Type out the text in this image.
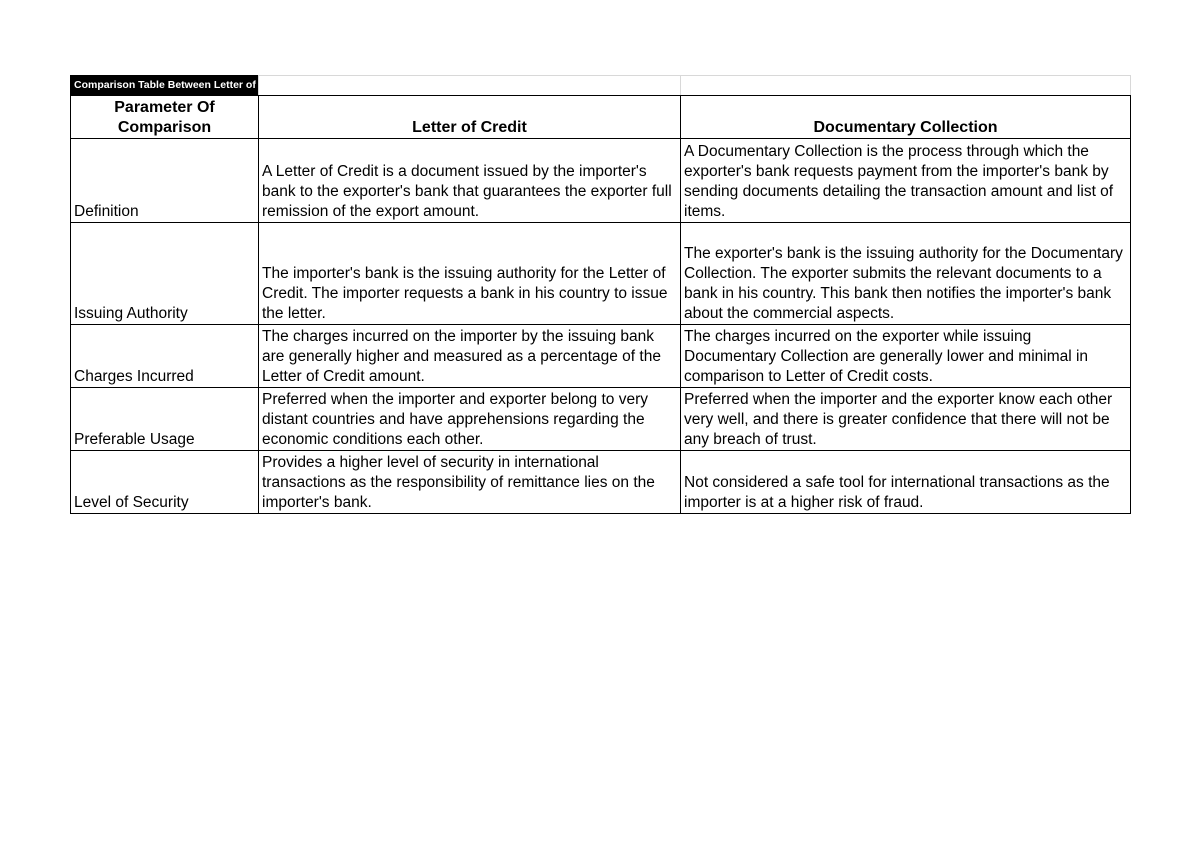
Comparison Table Between Letter of Credit and Documentary Collection		

Parameter Of Comparison	Letter of Credit	Documentary Collection
Definition	A Letter of Credit is a document issued by the importer's bank to the exporter's bank that guarantees the exporter full remission of the export amount.	A Documentary Collection is the process through which the exporter's bank requests payment from the importer's bank by sending documents detailing the transaction amount and list of items.
Issuing Authority	The importer's bank is the issuing authority for the Letter of Credit. The importer requests a bank in his country to issue the letter.	The exporter's bank is the issuing authority for the Documentary Collection. The exporter submits the relevant documents to a bank in his country. This bank then notifies the importer's bank about the commercial aspects.
Charges Incurred	The charges incurred on the importer by the issuing bank are generally higher and measured as a percentage of the Letter of Credit amount.	The charges incurred on the exporter while issuing Documentary Collection are generally lower and minimal in comparison to Letter of Credit costs.
Preferable Usage	Preferred when the importer and exporter belong to very distant countries and have apprehensions regarding the economic conditions each other.	Preferred when the importer and the exporter know each other very well, and there is greater confidence that there will not be any breach of trust.
Level of Security	Provides a higher level of security in international transactions as the responsibility of remittance lies on the importer's bank.	Not considered a safe tool for international transactions as the importer is at a higher risk of fraud.
